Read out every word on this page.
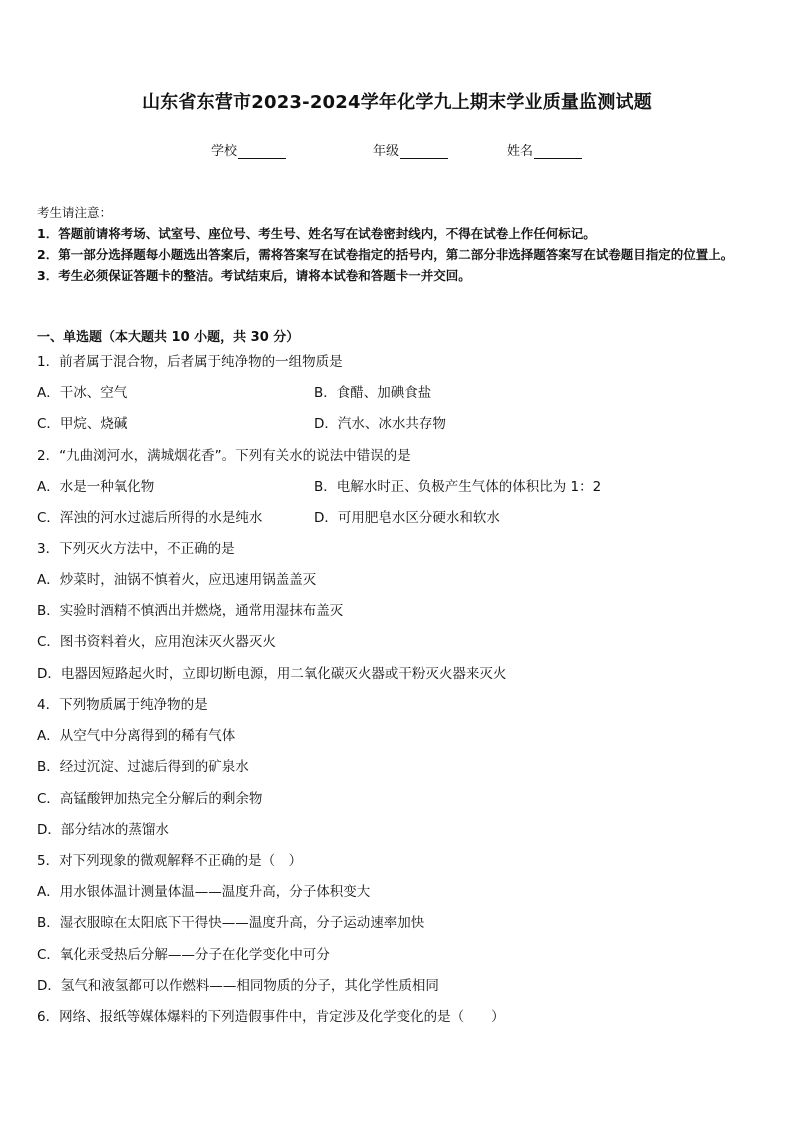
山东省东营市2023-2024学年化学九上期末学业质量监测试题
学校	年级	姓名
考生请注意：
1．答题前请将考场、试室号、座位号、考生号、姓名写在试卷密封线内，不得在试卷上作任何标记。
2．第一部分选择题每小题选出答案后，需将答案写在试卷指定的括号内，第二部分非选择题答案写在试卷题目指定的位置上。
3．考生必须保证答题卡的整洁。考试结束后，请将本试卷和答题卡一并交回。
一、单选题（本大题共 10 小题，共 30 分）
1．前者属于混合物，后者属于纯净物的一组物质是
A．干冰、空气	B．食醋、加碘食盐
C．甲烷、烧碱	D．汽水、冰水共存物
2．“九曲浏河水，满城烟花香”。下列有关水的说法中错误的是
A．水是一种氧化物	B．电解水时正、负极产生气体的体积比为 1：2
C．浑浊的河水过滤后所得的水是纯水	D．可用肥皂水区分硬水和软水
3．下列灭火方法中，不正确的是
A．炒菜时，油锅不慎着火，应迅速用锅盖盖灭
B．实验时酒精不慎洒出并燃烧，通常用湿抹布盖灭
C．图书资料着火，应用泡沫灭火器灭火
D．电器因短路起火时，立即切断电源，用二氧化碳灭火器或干粉灭火器来灭火
4．下列物质属于纯净物的是
A．从空气中分离得到的稀有气体
B．经过沉淀、过滤后得到的矿泉水
C．高锰酸钾加热完全分解后的剩余物
D．部分结冰的蒸馏水
5．对下列现象的微观解释不正确的是（　）
A．用水银体温计测量体温——温度升高，分子体积变大
B．湿衣服晾在太阳底下干得快——温度升高，分子运动速率加快
C．氧化汞受热后分解——分子在化学变化中可分
D．氢气和液氢都可以作燃料——相同物质的分子，其化学性质相同
6．网络、报纸等媒体爆料的下列造假事件中，肯定涉及化学变化的是（　　）
